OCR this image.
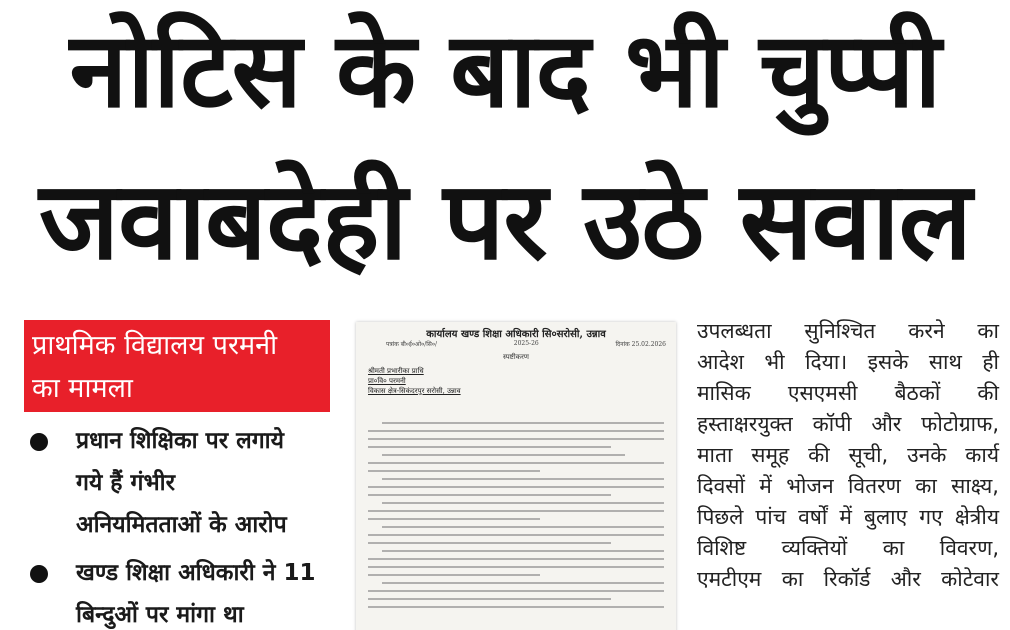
नोटिस के बाद भी चुप्पी
जवाबदेही पर उठे सवाल
प्राथमिक विद्यालय परमनी
का मामला
प्रधान शिक्षिका पर लगाये
गये हैं गंभीर
अनियमितताओं के आरोप
खण्ड शिक्षा अधिकारी ने 11
बिन्दुओं पर मांगा था
कार्यालय खण्ड शिक्षा अधिकारी सि०सरोसी, उन्नाव
पत्रांक बी०ई०ओ०/सि०/	2025-26	दिनांक 25.02.2026
स्पष्टीकरण
श्रीमती प्रभारीका प्राधि
प्रा०वि० परमनी
विकास क्षेत्र-सिकंदरपुर सरोसी, उन्नाव
उपलब्धता सुनिश्चित करने का
आदेश भी दिया। इसके साथ ही
मासिक एसएमसी बैठकों की
हस्ताक्षरयुक्त कॉपी और फोटोग्राफ,
माता समूह की सूची, उनके कार्य
दिवसों में भोजन वितरण का साक्ष्य,
पिछले पांच वर्षों में बुलाए गए क्षेत्रीय
विशिष्ट व्यक्तियों का विवरण,
एमटीएम का रिकॉर्ड और कोटेवार
